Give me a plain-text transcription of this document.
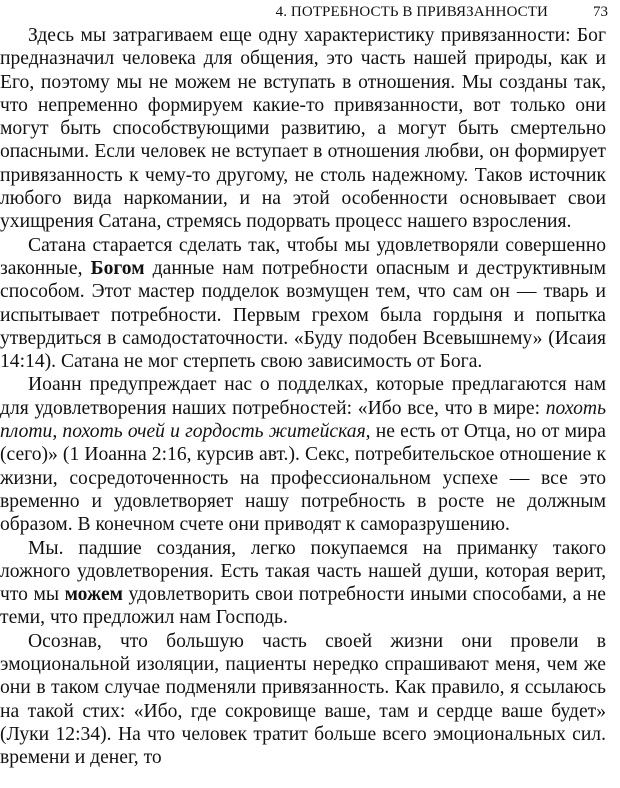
4. ПОТРЕБНОСТЬ В ПРИВЯЗАННОСТИ	73

Здесь мы затрагиваем еще одну характеристику привязанности: Бог предназначил человека для общения, это часть нашей природы, как и Его, поэтому мы не можем не вступать в отношения. Мы созданы так, что непременно формируем какие-то привязанности, вот только они могут быть способствующими развитию, а могут быть смертельно опасными. Если человек не вступает в отношения любви, он формирует привязанность к чему-то другому, не столь надежному. Таков источник любого вида наркомании, и на этой особенности основывает свои ухищрения Сатана, стремясь подорвать процесс нашего взросления.

Сатана старается сделать так, чтобы мы удовлетворяли совершенно законные, Богом данные нам потребности опасным и деструктивным способом. Этот мастер подделок возмущен тем, что сам он — тварь и испытывает потребности. Первым грехом была гордыня и попытка утвердиться в самодостаточности. «Буду подобен Всевышнему» (Исаия 14:14). Сатана не мог стерпеть свою зависимость от Бога.

Иоанн предупреждает нас о подделках, которые предлагаются нам для удовлетворения наших потребностей: «Ибо все, что в мире: похоть плоти, похоть очей и гордость житейская, не есть от Отца, но от мира (сего)» (1 Иоанна 2:16, курсив авт.). Секс, потребительское отношение к жизни, сосредоточенность на профессиональном успехе — все это временно и удовлетворяет нашу потребность в росте не должным образом. В конечном счете они приводят к саморазрушению.

Мы. падшие создания, легко покупаемся на приманку такого ложного удовлетворения. Есть такая часть нашей души, которая верит, что мы можем удовлетворить свои потребности иными способами, а не теми, что предложил нам Господь.

Осознав, что большую часть своей жизни они провели в эмоциональной изоляции, пациенты нередко спрашивают меня, чем же они в таком случае подменяли привязанность. Как правило, я ссылаюсь на такой стих: «Ибо, где сокровище ваше, там и сердце ваше будет» (Луки 12:34). На что человек тратит больше всего эмоциональных сил. времени и денег, то
